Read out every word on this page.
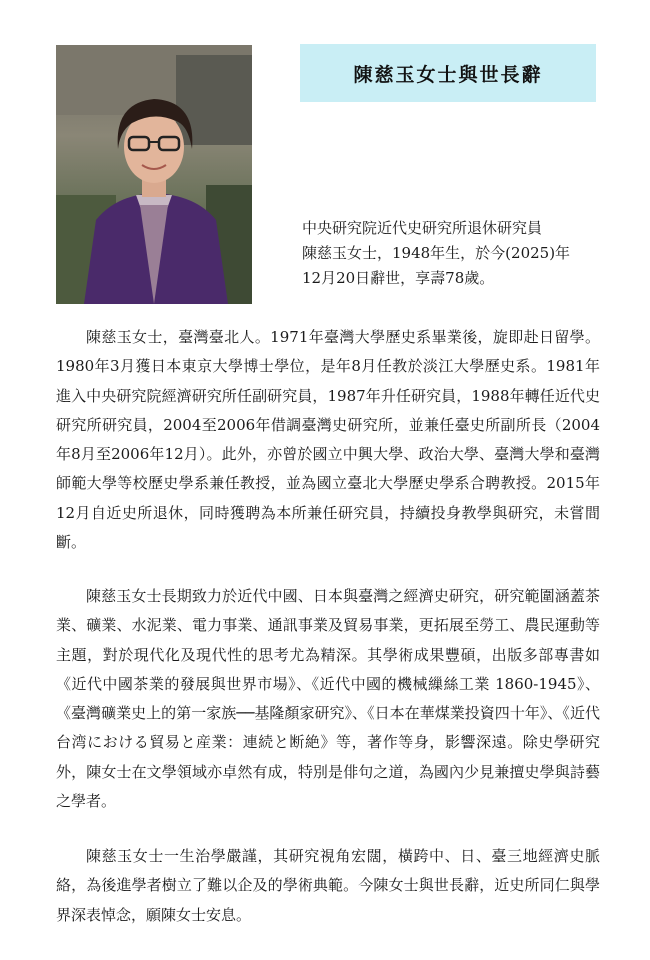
陳慈玉女士與世長辭
中央研究院近代史研究所退休研究員
陳慈玉女士，1948年生，於今(2025)年
12月20日辭世，享壽78歲。

陳慈玉女士，臺灣臺北人。1971年臺灣大學歷史系畢業後，旋即赴日留學。1980年3月獲日本東京大學博士學位，是年8月任教於淡江大學歷史系。1981年進入中央研究院經濟研究所任副研究員，1987年升任研究員，1988年轉任近代史研究所研究員，2004至2006年借調臺灣史研究所，並兼任臺史所副所長（2004年8月至2006年12月）。此外，亦曾於國立中興大學、政治大學、臺灣大學和臺灣師範大學等校歷史學系兼任教授，並為國立臺北大學歷史學系合聘教授。2015年12月自近史所退休，同時獲聘為本所兼任研究員，持續投身教學與研究，未嘗間斷。

陳慈玉女士長期致力於近代中國、日本與臺灣之經濟史研究，研究範圍涵蓋茶業、礦業、水泥業、電力事業、通訊事業及貿易事業，更拓展至勞工、農民運動等主題，對於現代化及現代性的思考尤為精深。其學術成果豐碩，出版多部專書如《近代中國茶業的發展與世界市場》、《近代中國的機械繅絲工業 1860-1945》、《臺灣礦業史上的第一家族──基隆顏家研究》、《日本在華煤業投資四十年》、《近代台湾における貿易と産業：連続と断絶》等，著作等身，影響深遠。除史學研究外，陳女士在文學領域亦卓然有成，特別是俳句之道，為國內少見兼擅史學與詩藝之學者。

陳慈玉女士一生治學嚴謹，其研究視角宏闊，橫跨中、日、臺三地經濟史脈絡，為後進學者樹立了難以企及的學術典範。今陳女士與世長辭，近史所同仁與學界深表悼念，願陳女士安息。
